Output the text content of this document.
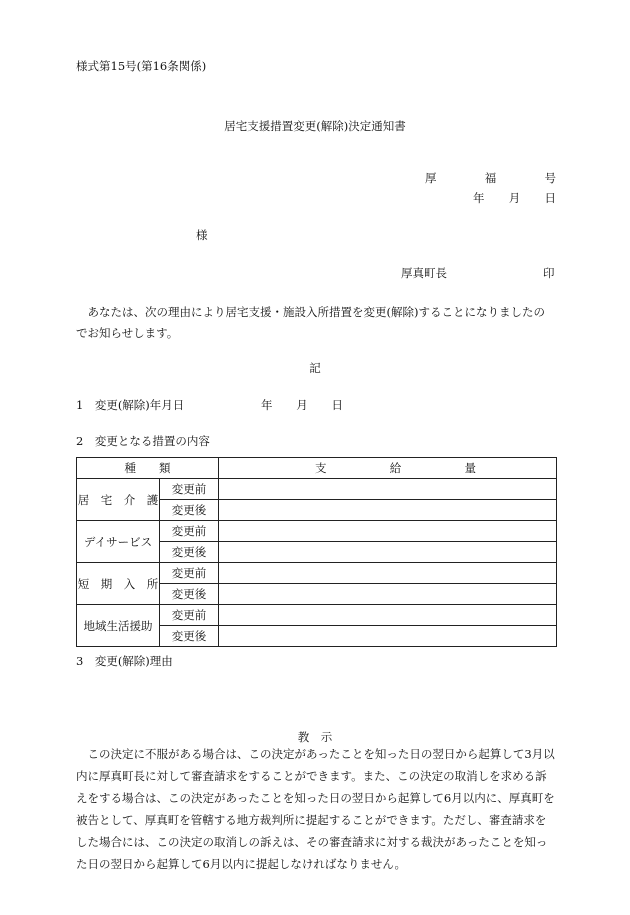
様式第15号(第16条関係)
居宅支援措置変更(解除)決定通知書
厚	福	号
年 月 日
様
厚真町長	印
あなたは、次の理由により居宅支援・施設入所措置を変更(解除)することになりましたのでお知らせします。
記
1　変更(解除)年月日	年 月 日
2　変更となる措置の内容
種　　類		支 給 量

居　宅　介　護	変更前	
	変更後	
デイサービス	変更前	
	変更後	
短　期　入　所	変更前	
	変更後	
地域生活援助	変更前	
	変更後	
3　変更(解除)理由
教　示
この決定に不服がある場合は、この決定があったことを知った日の翌日から起算して3月以内に厚真町長に対して審査請求をすることができます。また、この決定の取消しを求める訴えをする場合は、この決定があったことを知った日の翌日から起算して6月以内に、厚真町を被告として、厚真町を管轄する地方裁判所に提起することができます。ただし、審査請求をした場合には、この決定の取消しの訴えは、その審査請求に対する裁決があったことを知った日の翌日から起算して6月以内に提起しなければなりません。
